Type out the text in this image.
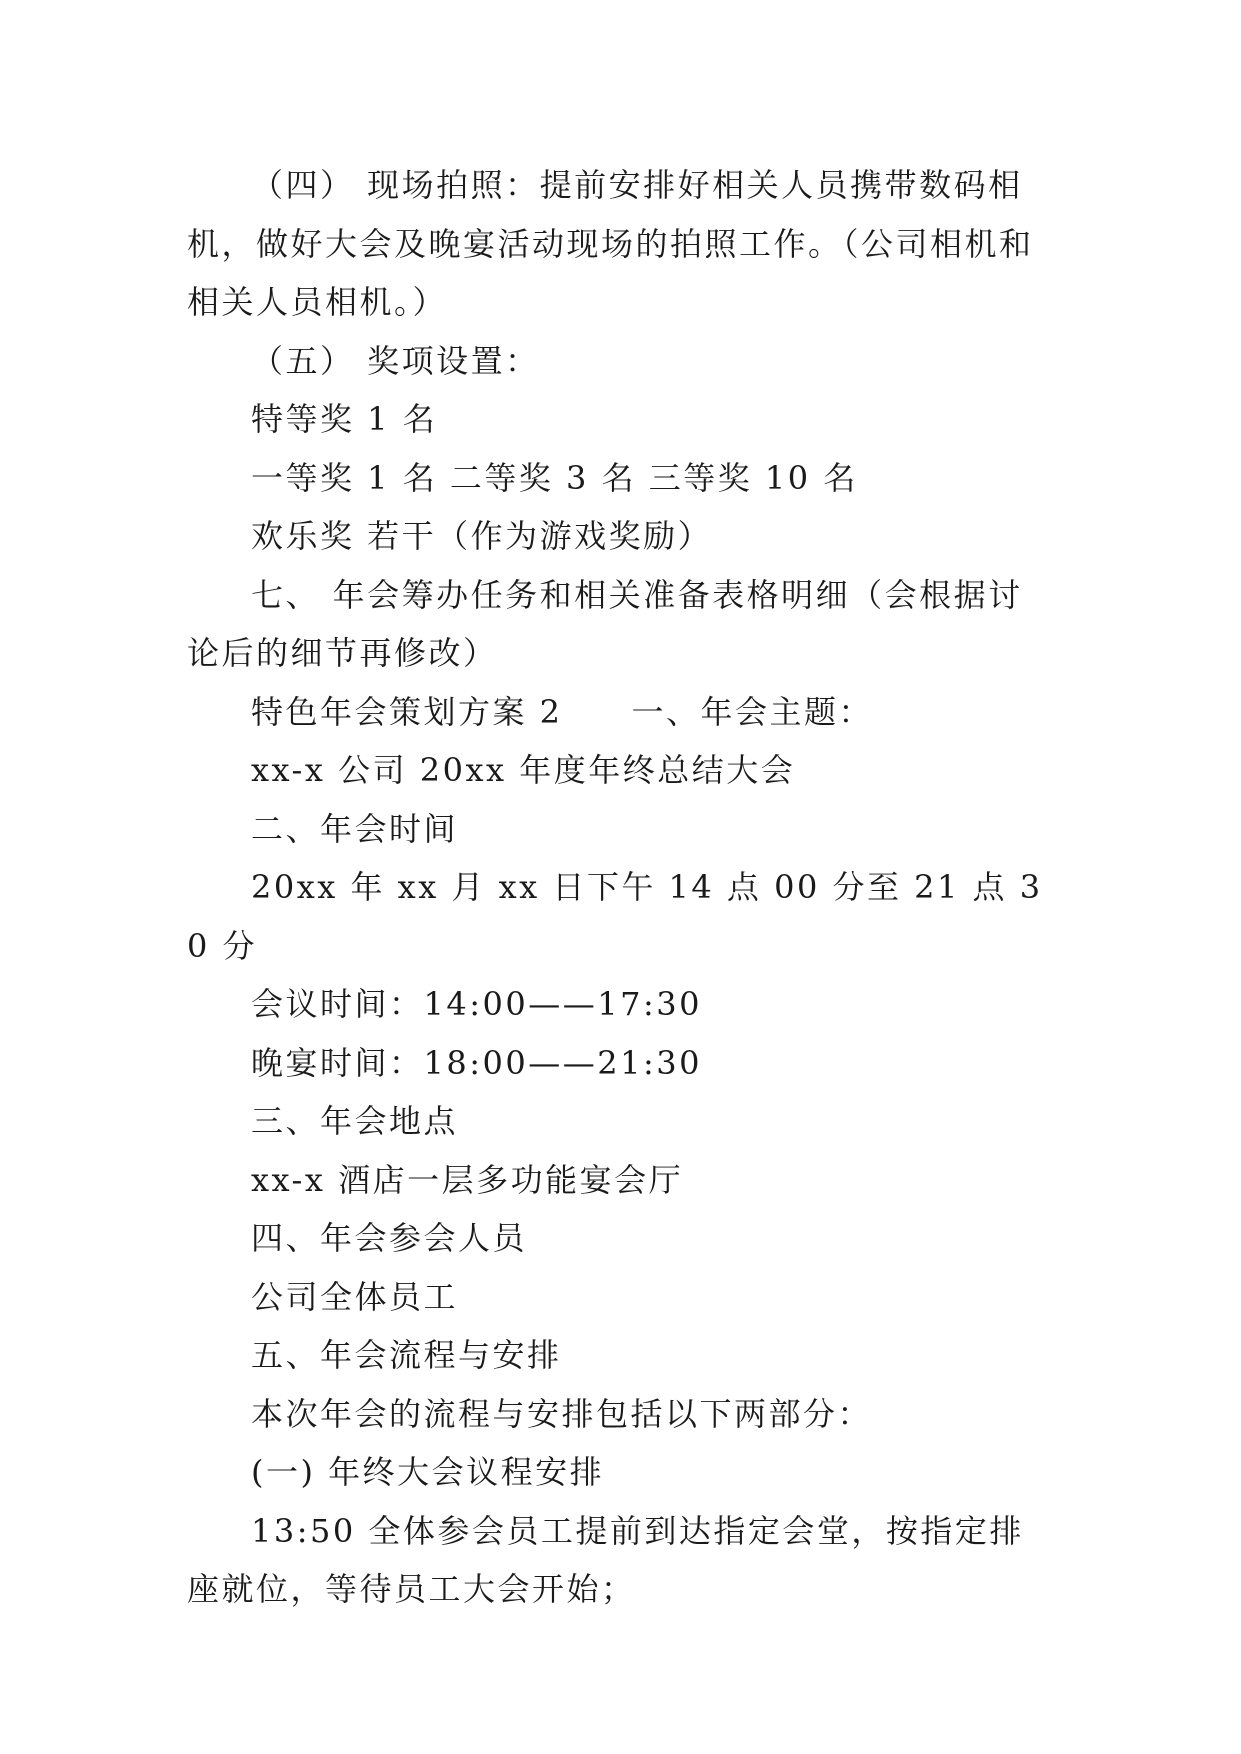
（四） 现场拍照：提前安排好相关人员携带数码相机，做好大会及晚宴活动现场的拍照工作。（公司相机和相关人员相机。）

（五） 奖项设置：

特等奖 1 名

一等奖 1 名 二等奖 3 名 三等奖 10 名

欢乐奖 若干（作为游戏奖励）

七、 年会筹办任务和相关准备表格明细（会根据讨论后的细节再修改）

特色年会策划方案 2　　一、年会主题：

xx-x 公司 20xx 年度年终总结大会

二、年会时间

20xx 年 xx 月 xx 日下午 14 点 00 分至 21 点 30 分

会议时间：14:00——17:30

晚宴时间：18:00——21:30

三、年会地点

xx-x 酒店一层多功能宴会厅

四、年会参会人员

公司全体员工

五、年会流程与安排

本次年会的流程与安排包括以下两部分：

(一) 年终大会议程安排

13:50 全体参会员工提前到达指定会堂，按指定排座就位，等待员工大会开始；
